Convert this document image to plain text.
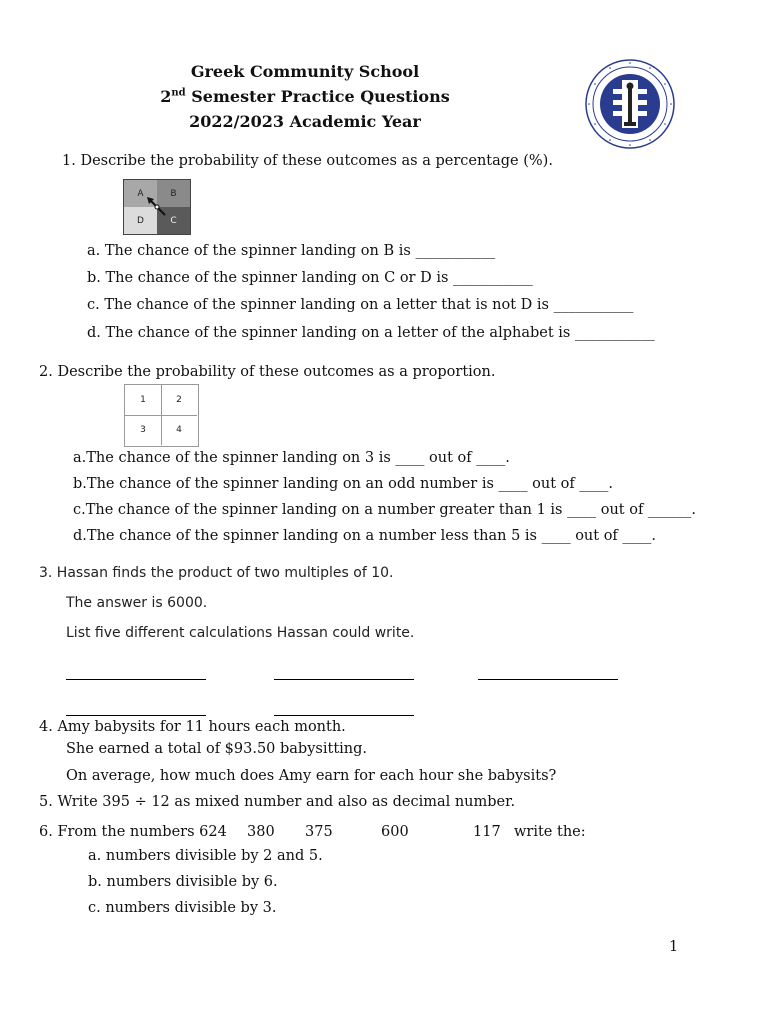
Greek Community School
2nd Semester Practice Questions
2022/2023 Academic Year
1. Describe the probability of these outcomes as a percentage (%).
A	B
D	C
a. The chance of the spinner landing on B is ___________
b. The chance of the spinner landing on C or D is ___________
c. The chance of the spinner landing on a letter that is not D is ___________
d. The chance of the spinner landing on a letter of the alphabet is ___________
2. Describe the probability of these outcomes as a proportion.
1	2
3	4
a.The chance of the spinner landing on 3 is ____ out of ____.
b.The chance of the spinner landing on an odd number is ____ out of ____.
c.The chance of the spinner landing on a number greater than 1 is ____ out of ______.
d.The chance of the spinner landing on a number less than 5 is ____ out of ____.
3. Hassan finds the product of two multiples of 10.
The answer is 6000.
List five different calculations Hassan could write.
4. Amy babysits for 11 hours each month.
She earned a total of $93.50 babysitting.
On average, how much does Amy earn for each hour she babysits?
5. Write 395 ÷ 12 as mixed number and also as decimal number.
6. From the numbers 624 380 375	600	117 write the:
a. numbers divisible by 2 and 5.
b. numbers divisible by 6.
c. numbers divisible by 3.
1
